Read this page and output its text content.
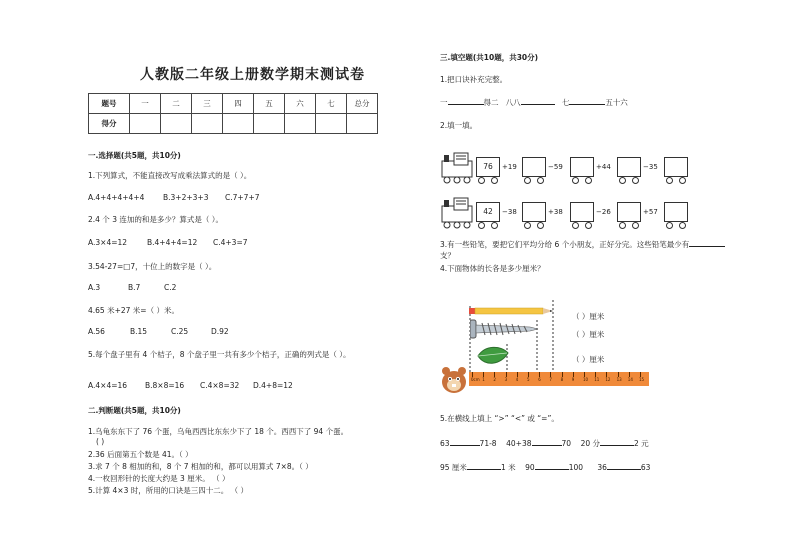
人教版二年级上册数学期末测试卷
题号	一	二	三	四	五	六	七	总分
得分								
一.选择题(共5题，共10分)
1.下列算式，不能直接改写成乘法算式的是（ ）。
A.4+4+4+4+4 B.3+2+3+3 C.7+7+7
2.4 个 3 连加的和是多少？算式是（ ）。
A.3×4=12	B.4+4+4=12 C.4+3=7
3.54-27=□7，十位上的数字是（ ）。
A.3	B.7	C.2
4.65 米+27 米=（ ）米。
A.56	B.15	C.25	D.92
5.每个盘子里有 4 个桔子，8 个盘子里一共有多少个桔子，正确的列式是（ ）。
A.4×4=16 B.8×8=16 C.4×8=32 D.4+8=12
二.判断题(共5题，共10分)
1.乌龟东东下了 76 个蛋，乌龟西西比东东少下了 18 个。西西下了 94 个蛋。
( )
2.36 后面第五个数是 41。（ ）
3.求 7 个 8 相加的和，8 个 7 相加的和，都可以用算式 7×8。（ ）
4.一枚回形针的长度大约是 3 厘米。 （ ）
5.计算 4×3 时，所用的口诀是三四十二。 （ ）
三.填空题(共10题，共30分)
1.把口诀补充完整。
一	得二 八八	七	五十六
2.填一填。
76	+19	−59	+44	−35
42	−38	+38	−26	+57
3.有一些铅笔，要把它们平均分给 6 个小朋友，正好分完。这些铅笔最少有
支？
4.下面物体的长各是多少厘米？
（ ）厘米
（ ）厘米
（ ）厘米
0cm 1 2 3 4 5 6 7 8 9 10 11 12 13 14 15
5.在横线上填上 “>” “<” 或 “=”。
63	71-8 40+38	70 20 分	2 元
95 厘米	1 米 90	100 36	63
